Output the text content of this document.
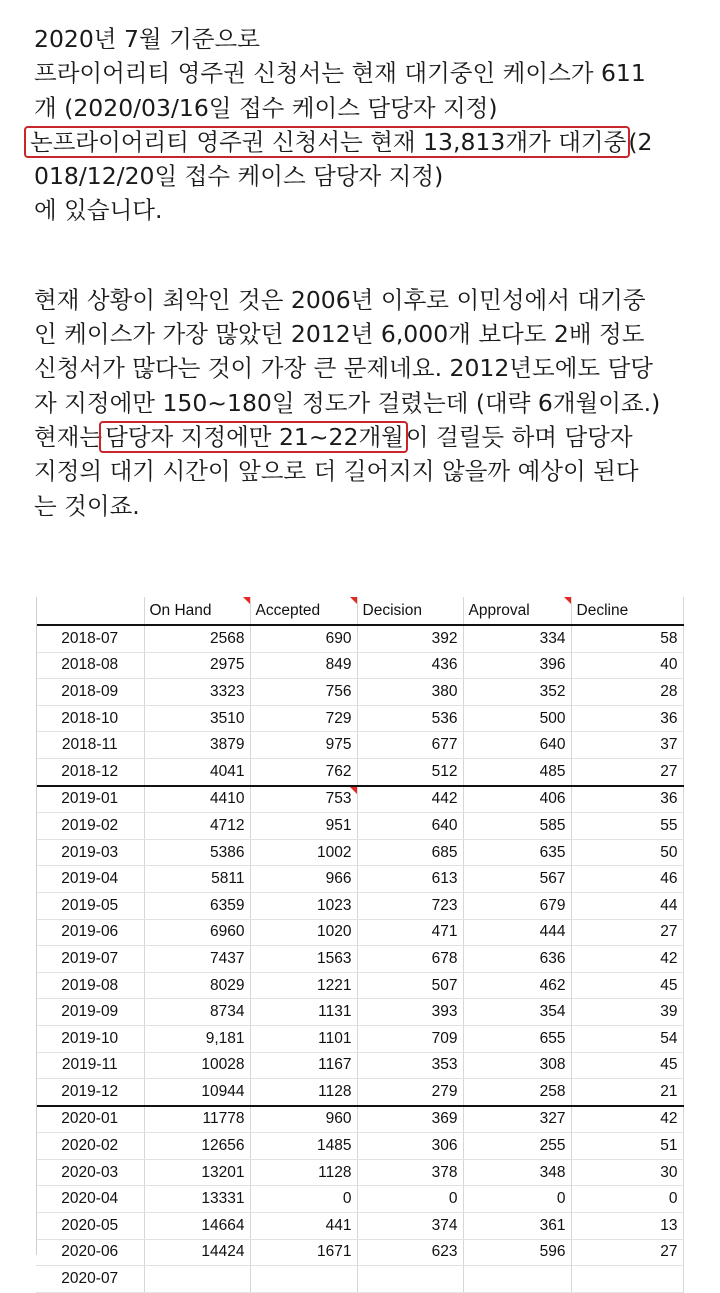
2020년 7월 기준으로
프라이어리티 영주권 신청서는 현재 대기중인 케이스가 611
개 (2020/03/16일 접수 케이스 담당자 지정)
논프라이어리티 영주권 신청서는 현재 13,813개가 대기중(2
018/12/20일 접수 케이스 담당자 지정)
에 있습니다.
현재 상황이 최악인 것은 2006년 이후로 이민성에서 대기중
인 케이스가 가장 많았던 2012년 6,000개 보다도 2배 정도
신청서가 많다는 것이 가장 큰 문제네요. 2012년도에도 담당
자 지정에만 150~180일 정도가 걸렸는데 (대략 6개월이죠.)
현재는 담당자 지정에만 21~22개월이 걸릴듯 하며 담당자
지정의 대기 시간이 앞으로 더 길어지지 않을까 예상이 된다
는 것이죠.
	On Hand	Accepted	Decision	Approval	Decline
2018-07	2568	690	392	334	58
2018-08	2975	849	436	396	40
2018-09	3323	756	380	352	28
2018-10	3510	729	536	500	36
2018-11	3879	975	677	640	37
2018-12	4041	762	512	485	27
2019-01	4410	753	442	406	36
2019-02	4712	951	640	585	55
2019-03	5386	1002	685	635	50
2019-04	5811	966	613	567	46
2019-05	6359	1023	723	679	44
2019-06	6960	1020	471	444	27
2019-07	7437	1563	678	636	42
2019-08	8029	1221	507	462	45
2019-09	8734	1131	393	354	39
2019-10	9,181	1101	709	655	54
2019-11	10028	1167	353	308	45
2019-12	10944	1128	279	258	21
2020-01	11778	960	369	327	42
2020-02	12656	1485	306	255	51
2020-03	13201	1128	378	348	30
2020-04	13331	0	0	0	0
2020-05	14664	441	374	361	13
2020-06	14424	1671	623	596	27
2020-07					
